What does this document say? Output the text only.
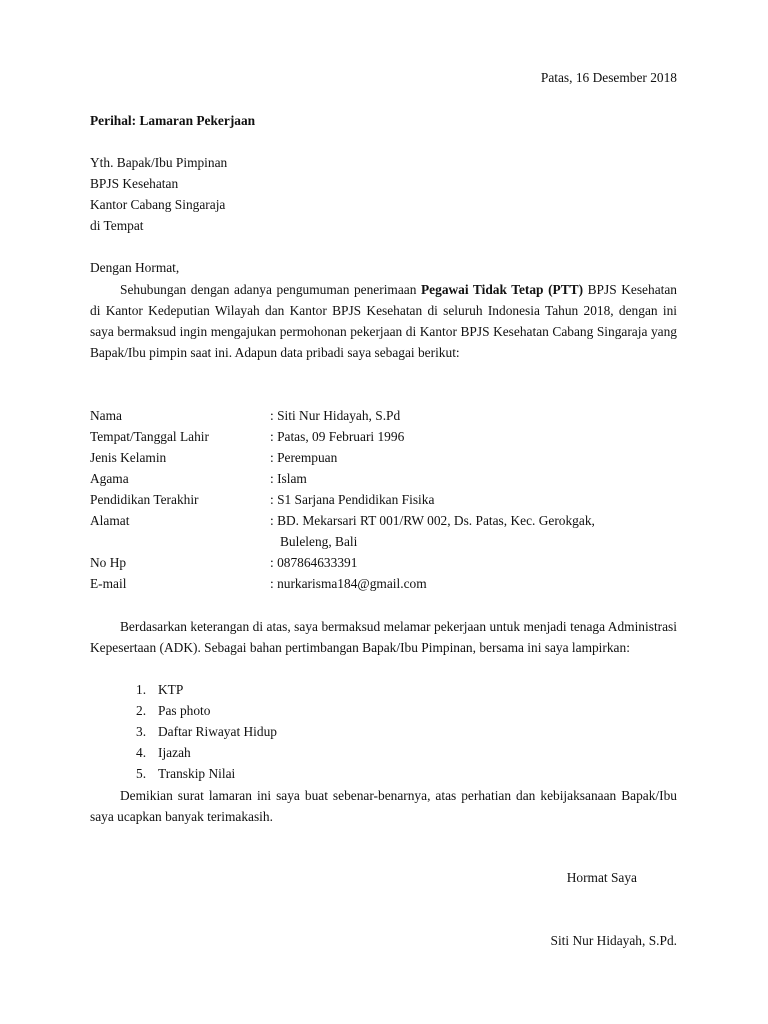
Patas, 16 Desember 2018
Perihal: Lamaran Pekerjaan
Yth. Bapak/Ibu Pimpinan
BPJS Kesehatan
Kantor Cabang Singaraja
di Tempat
Dengan Hormat,
Sehubungan dengan adanya pengumuman penerimaan Pegawai Tidak Tetap (PTT) BPJS Kesehatan di Kantor Kedeputian Wilayah dan Kantor BPJS Kesehatan di seluruh Indonesia Tahun 2018, dengan ini saya bermaksud ingin mengajukan permohonan pekerjaan di Kantor BPJS Kesehatan Cabang Singaraja yang Bapak/Ibu pimpin saat ini. Adapun data pribadi saya sebagai berikut:
Nama	: Siti Nur Hidayah, S.Pd
Tempat/Tanggal Lahir	: Patas, 09 Februari 1996
Jenis Kelamin	: Perempuan
Agama	: Islam
Pendidikan Terakhir	: S1 Sarjana Pendidikan Fisika
Alamat	: BD. Mekarsari RT 001/RW 002, Ds. Patas, Kec. Gerokgak,
Buleleng, Bali
No Hp	: 087864633391
E-mail	: nurkarisma184@gmail.com
Berdasarkan keterangan di atas, saya bermaksud melamar pekerjaan untuk menjadi tenaga Administrasi Kepesertaan (ADK). Sebagai bahan pertimbangan Bapak/Ibu Pimpinan, bersama ini saya lampirkan:
1. KTP
2. Pas photo
3. Daftar Riwayat Hidup
4. Ijazah
5. Transkip Nilai
Demikian surat lamaran ini saya buat sebenar-benarnya, atas perhatian dan kebijaksanaan Bapak/Ibu saya ucapkan banyak terimakasih.
Hormat Saya
Siti Nur Hidayah, S.Pd.
